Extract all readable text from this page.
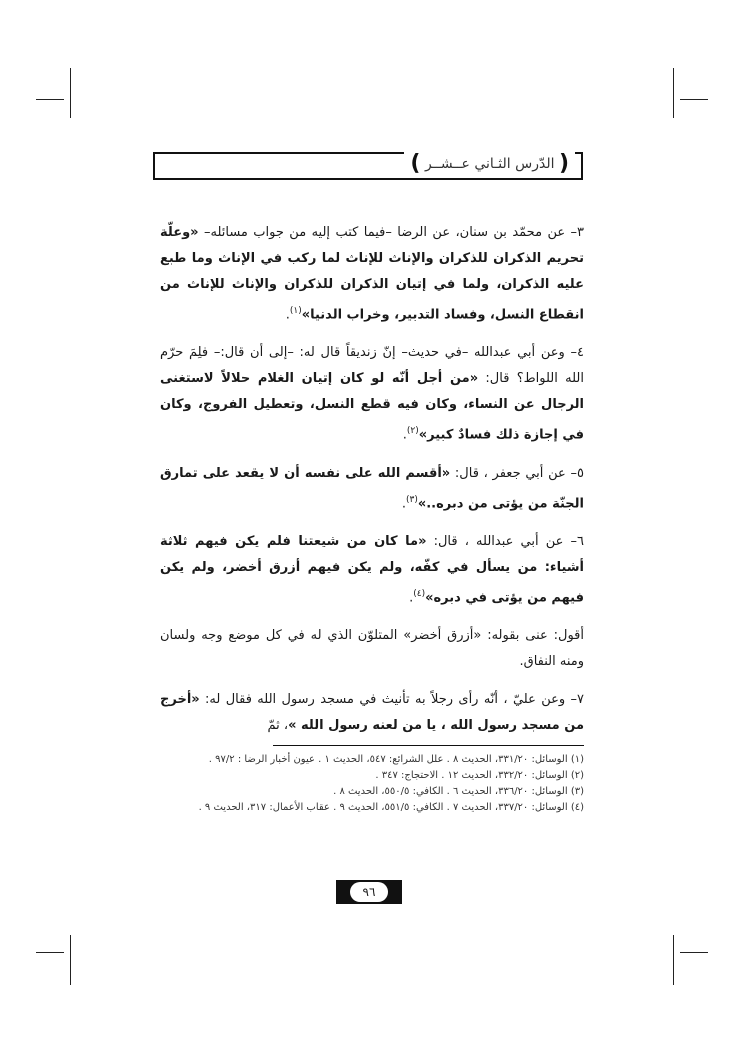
( الدّرس الثـاني عــشــر )

٣– عن محمّد بن سنان، عن الرضا –فيما كتب إليه من جواب مسائله– «وعلّة تحريم الذكران للذكران والإناث للإناث لما ركب في الإناث وما طبع عليه الذكران، ولما في إتيان الذكران للذكران والإناث للإناث من انقطاع النسل، وفساد التدبير، وخراب الدنيا»$^{(١)}$.

٤– وعن أبي عبدالله –في حديث– إنّ زنديقاً قال له: –إلى أن قال:– فلِمَ حرّم الله اللواط؟ قال: «من أجل أنّه لو كان إتيان الغلام حلالاً لاستغنى الرجال عن النساء، وكان فيه قطع النسل، وتعطيل الفروج، وكان في إجازة ذلك فسادٌ كبير»$^{(٢)}$.

٥– عن أبي جعفر ، قال: «أقسم الله على نفسه أن لا يقعد على تمارق الجنّة من يؤتى من دبره..»$^{(٣)}$.

٦– عن أبي عبدالله ، قال: «ما كان من شيعتنا فلم يكن فيهم ثلاثة أشياء: من يسأل في كفّه، ولم يكن فيهم أزرق أخضر، ولم يكن فيهم من يؤتى في دبره»$^{(٤)}$.

أقول: عنى بقوله: «أزرق أخضر» المتلوّن الذي له في كل موضع وجه ولسان ومنه النفاق.

٧– وعن عليّ ، أنّه رأى رجلاً به تأنيث في مسجد رسول الله فقال له: «أخرج من مسجد رسول الله ، يا من لعنه رسول الله »، ثمّ

(١) الوسائل: ٣٣١/٢٠، الحديث ٨ . علل الشرائع: ٥٤٧، الحديث ١ . عيون أخبار الرضا : ٩٧/٢ .

(٢) الوسائل: ٣٣٢/٢٠، الحديث ١٢ . الاحتجاج: ٣٤٧ .

(٣) الوسائل: ٣٣٦/٢٠، الحديث ٦ . الكافي: ٥٥٠/٥، الحديث ٨ .

(٤) الوسائل: ٣٣٧/٢٠، الحديث ٧ . الكافي: ٥٥١/٥، الحديث ٩ . عقاب الأعمال: ٣١٧، الحديث ٩ .

٩٦
